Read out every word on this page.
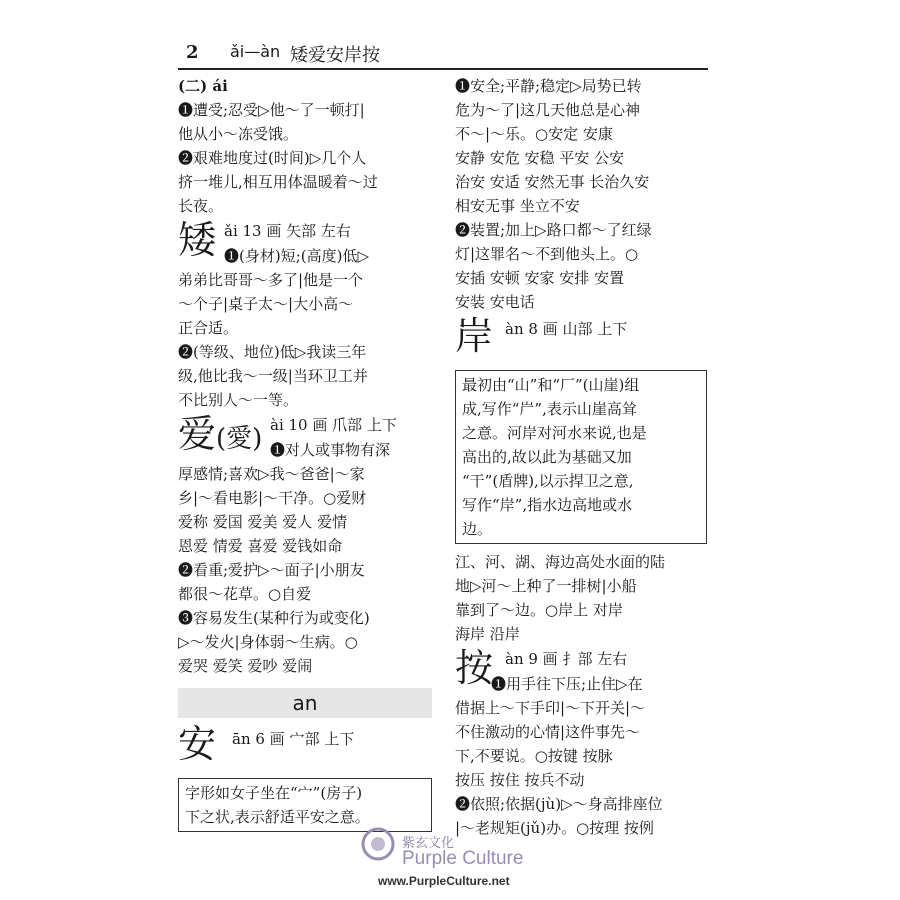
2 ǎi—àn 矮爱安岸按
(二) ái
❶遭受;忍受▷他～了一顿打|
他从小～冻受饿。
❷艰难地度过(时间)▷几个人
挤一堆儿,相互用体温暖着～过
长夜。
矮 ǎi 13 画 矢部 左右
❶(身材)短;(高度)低▷
弟弟比哥哥～多了|他是一个
～个子|桌子太～|大小高～
正合适。
❷(等级、地位)低▷我读三年
级,他比我～一级|当环卫工并
不比别人～一等。
爱(愛) ài 10 画 爪部 上下
❶对人或事物有深
厚感情;喜欢▷我～爸爸|～家
乡|～看电影|～干净。○爱财
爱称 爱国 爱美 爱人 爱情
恩爱 情爱 喜爱 爱钱如命
❷看重;爱护▷～面子|小朋友
都很～花草。○自爱
❸容易发生(某种行为或变化)
▷～发火|身体弱～生病。○
爱哭 爱笑 爱吵 爱闹
an
安 ān 6 画 宀部 上下
字形如女子坐在“宀”(房子)
下之状,表示舒适平安之意。
❶安全;平静;稳定▷局势已转
危为～了|这几天他总是心神
不～|～乐。○安定 安康
安静 安危 安稳 平安 公安
治安 安适 安然无事 长治久安
相安无事 坐立不安
❷装置;加上▷路口都～了红绿
灯|这罪名～不到他头上。○
安插 安顿 安家 安排 安置
安装 安电话
岸 àn 8 画 山部 上下
最初由“山”和“厂”(山崖)组
成,写作“屵”,表示山崖高耸
之意。河岸对河水来说,也是
高出的,故以此为基础又加
“干”(盾牌),以示捍卫之意,
写作“岸”,指水边高地或水
边。
江、河、湖、海边高处水面的陆
地▷河～上种了一排树|小船
靠到了～边。○岸上 对岸
海岸 沿岸
按 àn 9 画 扌部 左右
❶用手往下压;止住▷在
借据上～下手印|～下开关|～
不住激动的心情|这件事先～
下,不要说。○按键 按脉
按压 按住 按兵不动
❷依照;依据(jù)▷～身高排座位
|～老规矩(jǔ)办。○按理 按例
紫玄文化
Purple Culture
www.PurpleCulture.net
